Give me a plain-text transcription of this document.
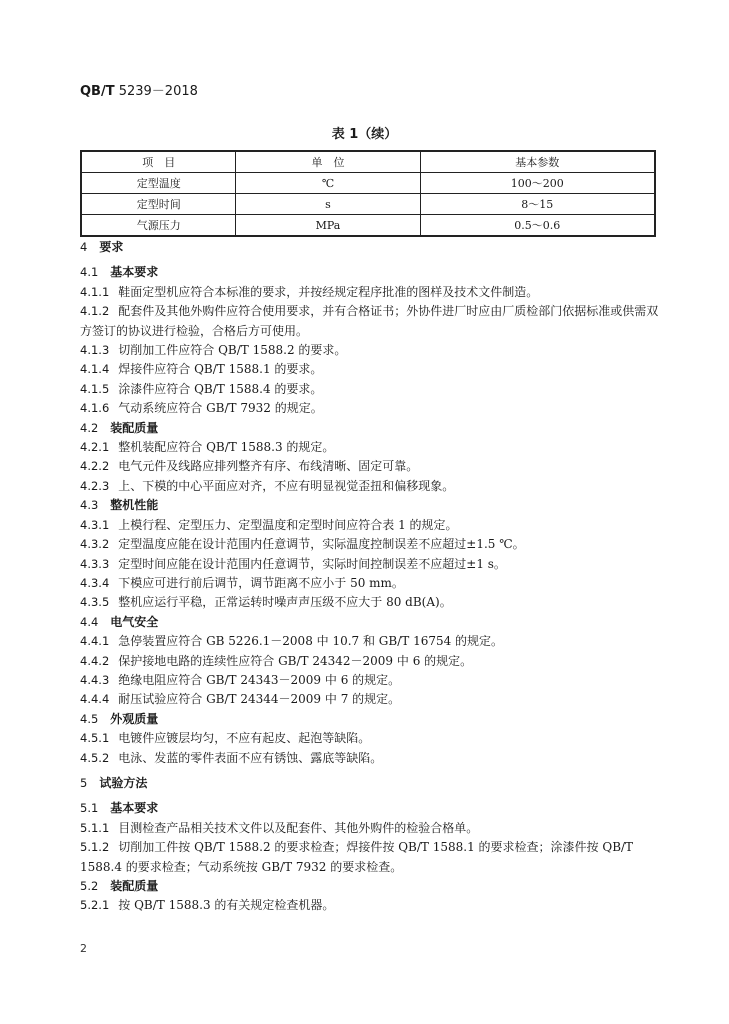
QB/T 5239－2018
表 1（续）
项　目	单　位	基本参数
定型温度	℃	100～200
定型时间	s	8～15
气源压力	MPa	0.5～0.6
4 要求
4.1 基本要求
4.1.1 鞋面定型机应符合本标准的要求，并按经规定程序批准的图样及技术文件制造。
4.1.2 配套件及其他外购件应符合使用要求，并有合格证书；外协件进厂时应由厂质检部门依据标准或供需双方签订的协议进行检验，合格后方可使用。
4.1.3 切削加工件应符合 QB/T 1588.2 的要求。
4.1.4 焊接件应符合 QB/T 1588.1 的要求。
4.1.5 涂漆件应符合 QB/T 1588.4 的要求。
4.1.6 气动系统应符合 GB/T 7932 的规定。
4.2 装配质量
4.2.1 整机装配应符合 QB/T 1588.3 的规定。
4.2.2 电气元件及线路应排列整齐有序、布线清晰、固定可靠。
4.2.3 上、下模的中心平面应对齐，不应有明显视觉歪扭和偏移现象。
4.3 整机性能
4.3.1 上模行程、定型压力、定型温度和定型时间应符合表 1 的规定。
4.3.2 定型温度应能在设计范围内任意调节，实际温度控制误差不应超过±1.5 ℃。
4.3.3 定型时间应能在设计范围内任意调节，实际时间控制误差不应超过±1 s。
4.3.4 下模应可进行前后调节，调节距离不应小于 50 mm。
4.3.5 整机应运行平稳，正常运转时噪声声压级不应大于 80 dB(A)。
4.4 电气安全
4.4.1 急停装置应符合 GB 5226.1－2008 中 10.7 和 GB/T 16754 的规定。
4.4.2 保护接地电路的连续性应符合 GB/T 24342－2009 中 6 的规定。
4.4.3 绝缘电阻应符合 GB/T 24343－2009 中 6 的规定。
4.4.4 耐压试验应符合 GB/T 24344－2009 中 7 的规定。
4.5 外观质量
4.5.1 电镀件应镀层均匀，不应有起皮、起泡等缺陷。
4.5.2 电泳、发蓝的零件表面不应有锈蚀、露底等缺陷。
5 试验方法
5.1 基本要求
5.1.1 目测检查产品相关技术文件以及配套件、其他外购件的检验合格单。
5.1.2 切削加工件按 QB/T 1588.2 的要求检查；焊接件按 QB/T 1588.1 的要求检查；涂漆件按 QB/T 1588.4 的要求检查；气动系统按 GB/T 7932 的要求检查。
5.2 装配质量
5.2.1 按 QB/T 1588.3 的有关规定检查机器。
2
